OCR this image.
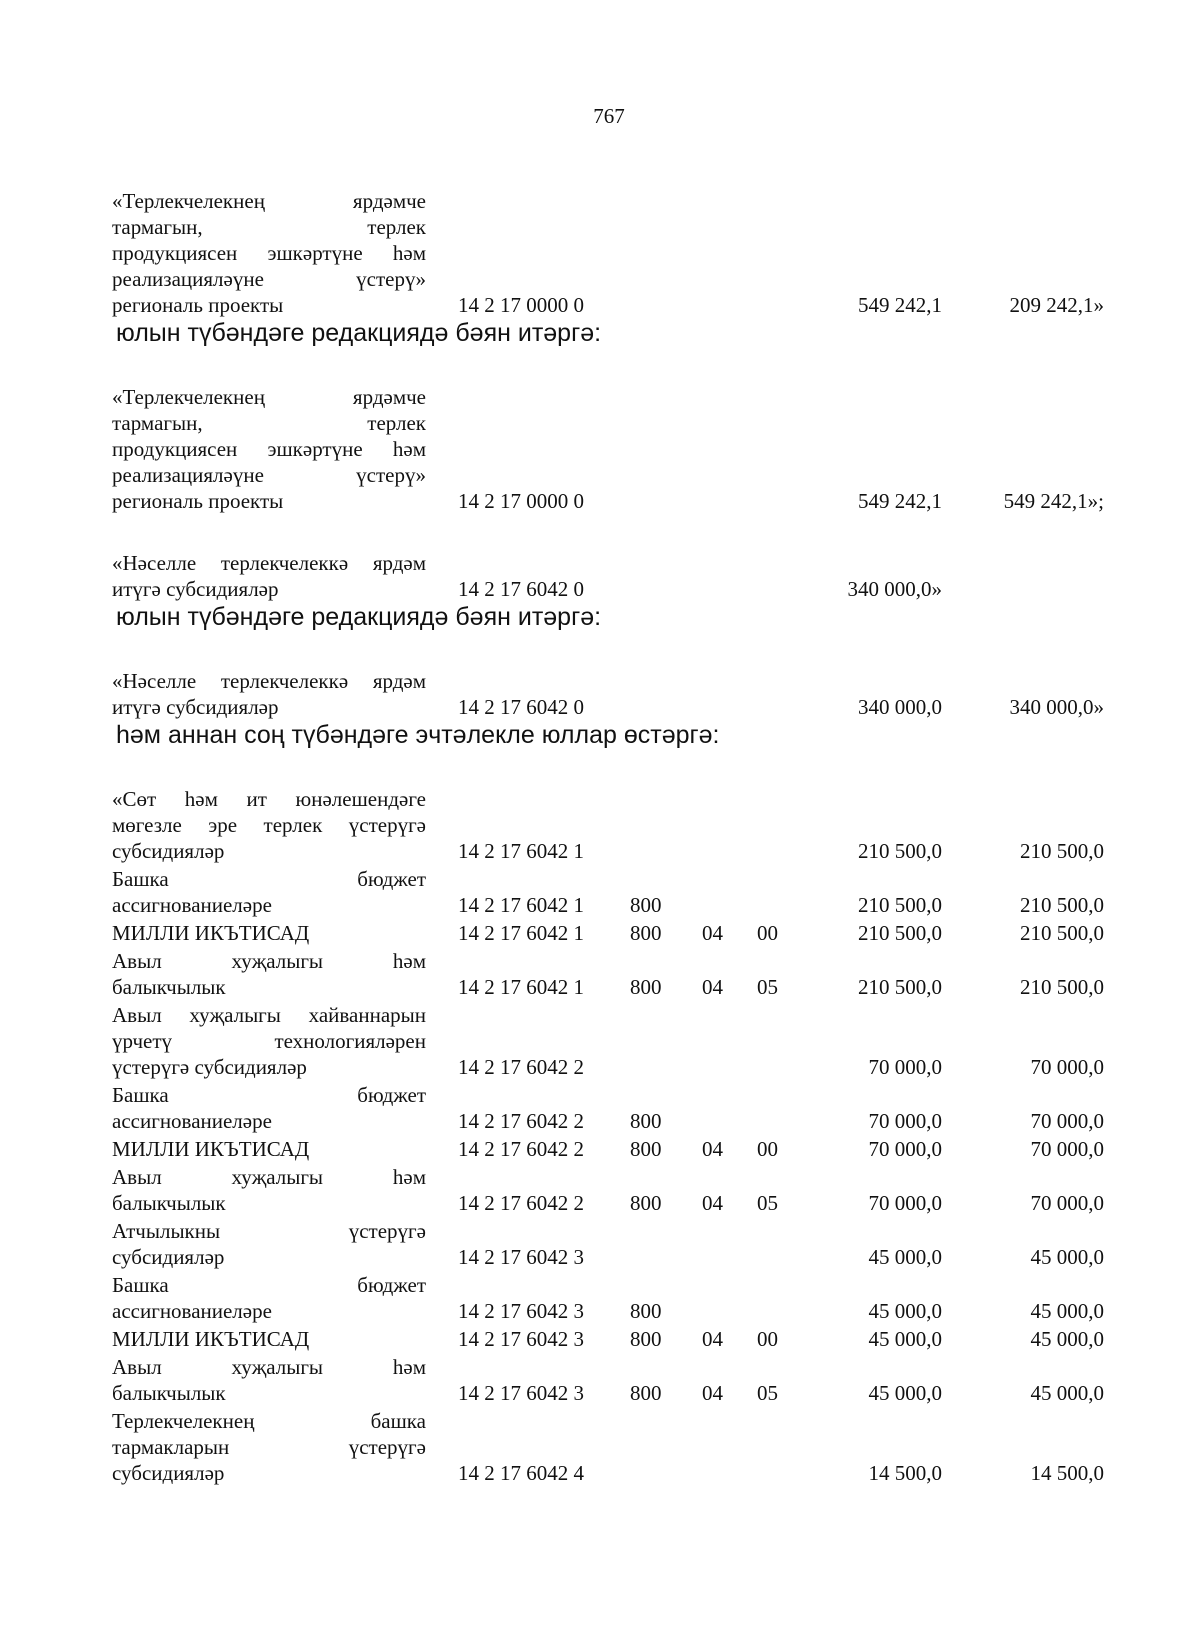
767
«Терлекчелекнең ярдәмче
тармагын, терлек
продукциясен эшкәртүне һәм
реализацияләүне үстерү»
региональ проекты	14 2 17 0000 0	549 242,1	209 242,1»
юлын түбәндәге редакциядә бәян итәргә:
«Терлекчелекнең ярдәмче
тармагын, терлек
продукциясен эшкәртүне һәм
реализацияләүне үстерү»
региональ проекты	14 2 17 0000 0	549 242,1	549 242,1»;
«Нәселле терлекчелеккә ярдәм
итүгә субсидияләр	14 2 17 6042 0	340 000,0»
юлын түбәндәге редакциядә бәян итәргә:
«Нәселле терлекчелеккә ярдәм
итүгә субсидияләр	14 2 17 6042 0	340 000,0	340 000,0»
һәм аннан соң түбәндәге эчтәлекле юллар өстәргә:
«Сөт һәм ит юнәлешендәге
мөгезле эре терлек үстерүгә
субсидияләр	14 2 17 6042 1	210 500,0	210 500,0
Башка бюджет
ассигнованиеләре	14 2 17 6042 1 800	210 500,0	210 500,0
МИЛЛИ ИКЪТИСАД	14 2 17 6042 1 800 04 00	210 500,0	210 500,0
Авыл хуҗалыгы һәм
балыкчылык	14 2 17 6042 1 800 04 05	210 500,0	210 500,0
Авыл хуҗалыгы хайваннарын
үрчетү технологияләрен
үстерүгә субсидияләр	14 2 17 6042 2	70 000,0	70 000,0
Башка бюджет
ассигнованиеләре	14 2 17 6042 2 800	70 000,0	70 000,0
МИЛЛИ ИКЪТИСАД	14 2 17 6042 2 800 04 00	70 000,0	70 000,0
Авыл хуҗалыгы һәм
балыкчылык	14 2 17 6042 2 800 04 05	70 000,0	70 000,0
Атчылыкны үстерүгә
субсидияләр	14 2 17 6042 3	45 000,0	45 000,0
Башка бюджет
ассигнованиеләре	14 2 17 6042 3 800	45 000,0	45 000,0
МИЛЛИ ИКЪТИСАД	14 2 17 6042 3 800 04 00	45 000,0	45 000,0
Авыл хуҗалыгы һәм
балыкчылык	14 2 17 6042 3 800 04 05	45 000,0	45 000,0
Терлекчелекнең башка
тармакларын үстерүгә
субсидияләр	14 2 17 6042 4	14 500,0	14 500,0
